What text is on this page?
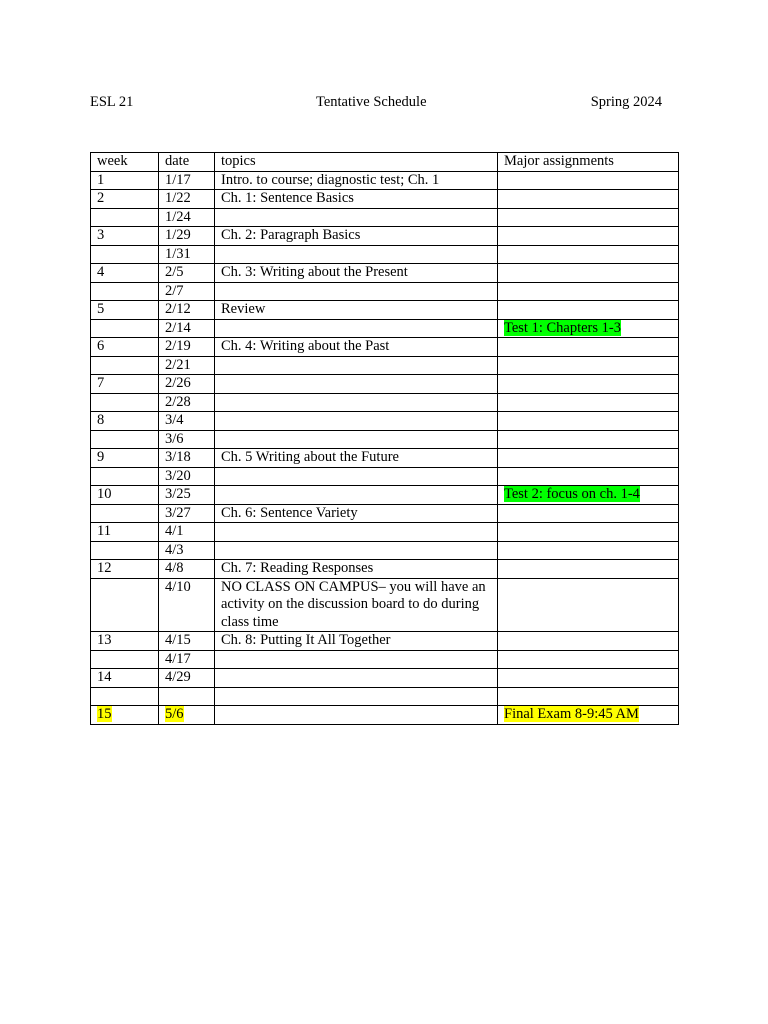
ESL 21	Tentative Schedule	Spring 2024
week	date	topics	Major assignments
1	1/17	Intro. to course; diagnostic test; Ch. 1	
2	1/22	Ch. 1: Sentence Basics	
	1/24		
3	1/29	Ch. 2: Paragraph Basics	
	1/31		
4	2/5	Ch. 3: Writing about the Present	
	2/7		
5	2/12	Review	
	2/14		Test 1: Chapters 1-3
6	2/19	Ch. 4: Writing about the Past	
	2/21		
7	2/26		
	2/28		
8	3/4		
	3/6		
9	3/18	Ch. 5 Writing about the Future	
	3/20		
10	3/25		Test 2: focus on ch. 1-4
	3/27	Ch. 6: Sentence Variety	
11	4/1		
	4/3		
12	4/8	Ch. 7: Reading Responses	
	4/10	NO CLASS ON CAMPUS– you will have an activity on the discussion board to do during class time	
13	4/15	Ch. 8: Putting It All Together	
	4/17		
14	4/29		

15	5/6		Final Exam 8-9:45 AM
